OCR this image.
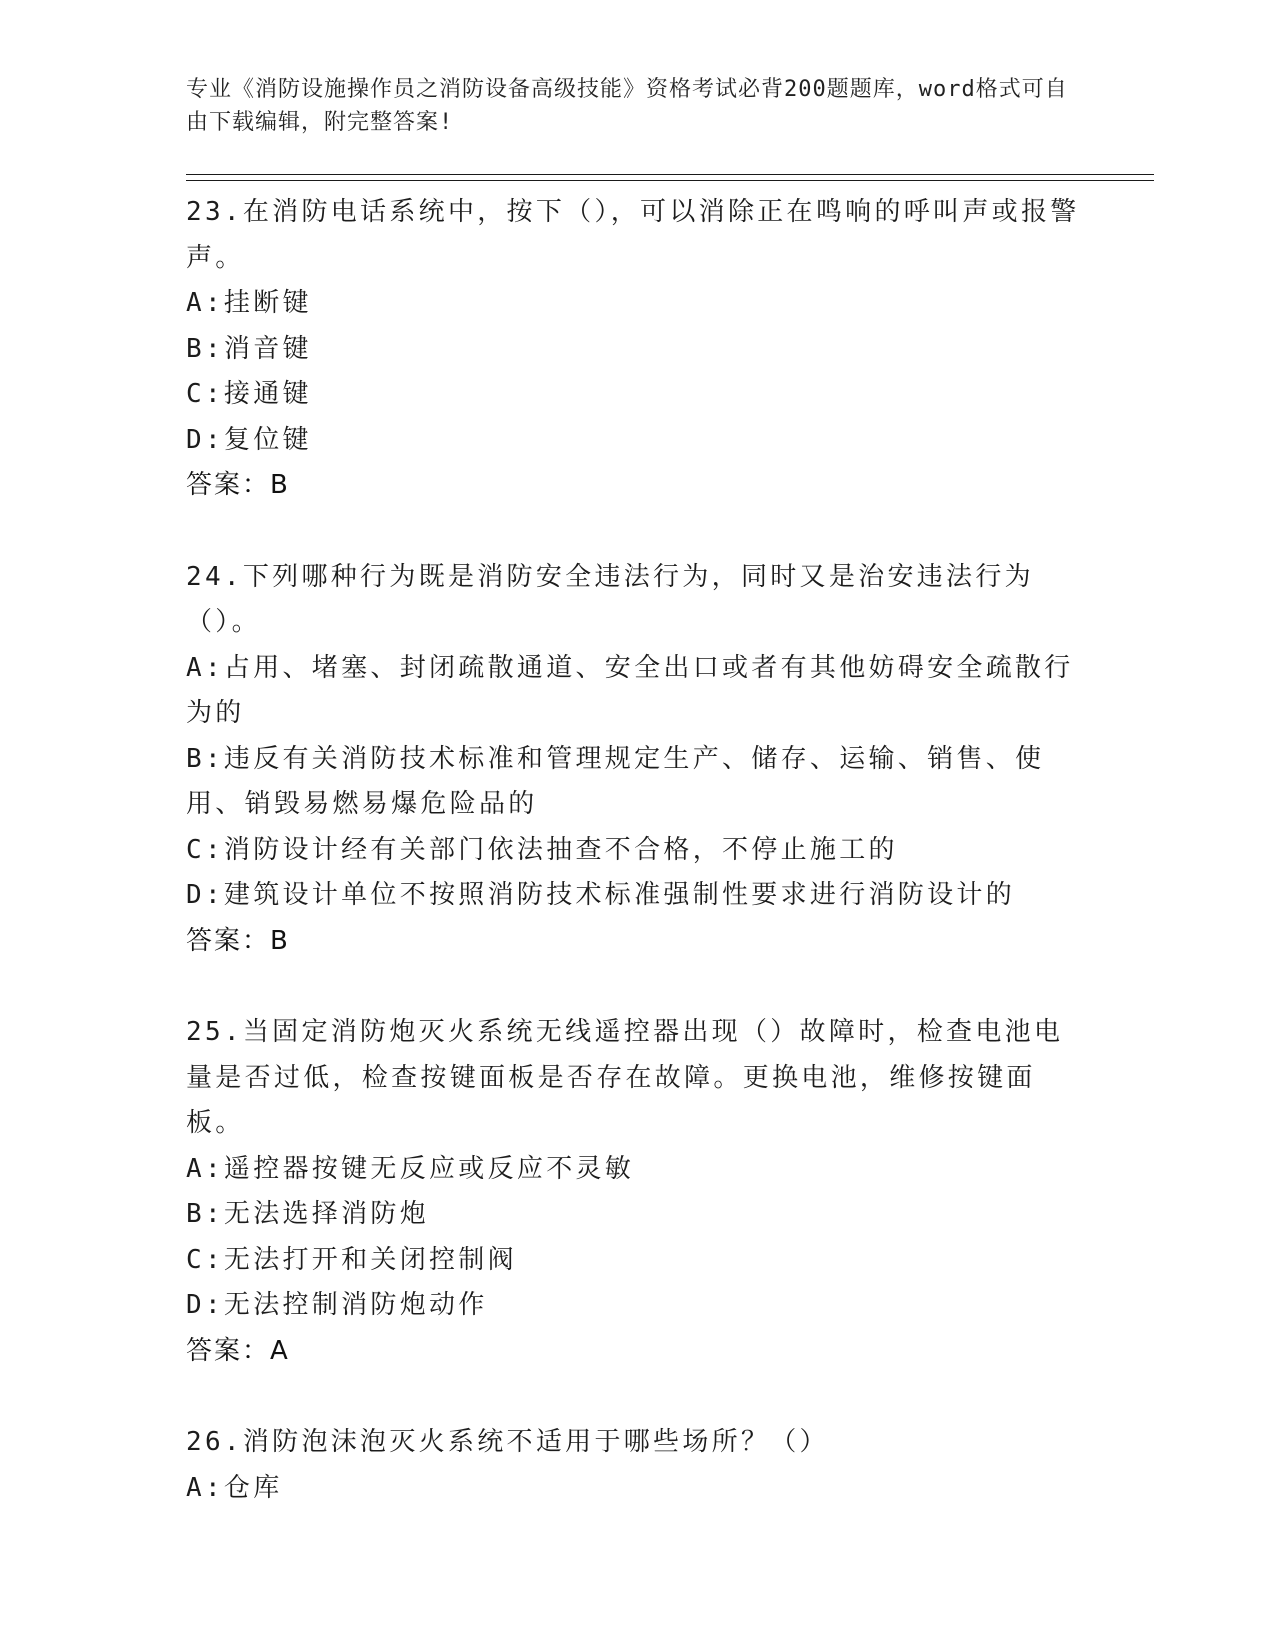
专业《消防设施操作员之消防设备高级技能》资格考试必背200题题库，word格式可自由下载编辑，附完整答案!
23.在消防电话系统中，按下（），可以消除正在鸣响的呼叫声或报警声。
A:挂断键
B:消音键
C:接通键
D:复位键
答案：B
24.下列哪种行为既是消防安全违法行为，同时又是治安违法行为（）。
A:占用、堵塞、封闭疏散通道、安全出口或者有其他妨碍安全疏散行为的
B:违反有关消防技术标准和管理规定生产、储存、运输、销售、使用、销毁易燃易爆危险品的
C:消防设计经有关部门依法抽查不合格，不停止施工的
D:建筑设计单位不按照消防技术标准强制性要求进行消防设计的
答案：B
25.当固定消防炮灭火系统无线遥控器出现（）故障时，检查电池电量是否过低，检查按键面板是否存在故障。更换电池，维修按键面板。
A:遥控器按键无反应或反应不灵敏
B:无法选择消防炮
C:无法打开和关闭控制阀
D:无法控制消防炮动作
答案：A
26.消防泡沫泡灭火系统不适用于哪些场所？（）
A:仓库
